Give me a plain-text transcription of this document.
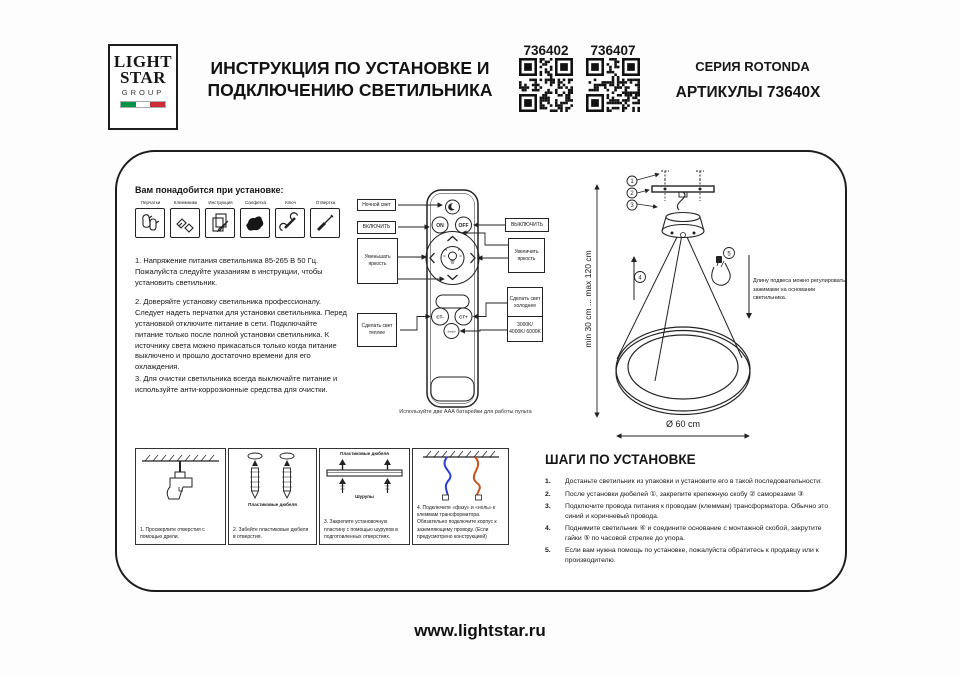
LIGHT
STAR
GROUP
ИНСТРУКЦИЯ ПО УСТАНОВКЕ И
ПОДКЛЮЧЕНИЮ СВЕТИЛЬНИКА
736402	736407
СЕРИЯ ROTONDA
АРТИКУЛЫ 73640X
Вам понадобится при установке:
Перчатки	Клеммники	Инструкция	Салфетка	Ключ	Отвертка
1. Напряжение питания светильника 85-265 В 50 Гц. Пожалуйста следуйте указаниям в инструкции, чтобы установить светильник.
2. Доверяйте установку светильника профессионалу. Следует надеть перчатки для установки светильника. Перед установкой отключите питание в сети. Подключайте питание только после полной установки светильника. К источнику света можно прикасаться только когда питание выключено и прошло достаточно времени для его охлаждения.
3. Для очистки светильника всегда выключайте питание и используйте анти-коррозионные средства для очистки.
ON	OFF
CT-	CT+
Switch
Ночной свет
ВКЛЮЧИТЬ	ВЫКЛЮЧИТЬ
Уменьшать яркость
Увеличить яркость
Сделать свет теплее
Сделать свет холоднее
3000K/ 4000K/ 6000K
Используйте две AAA батарейки для работы пульта
1
2
3
4
5
min 30 cm ... max 120 cm
Ø 60 cm
Длину подвеса можно регулировать зажимами на основании светильника.
1. Просверлите отверстия с помощью дрели.
Пластиковые дюбеля
2. Забейте пластиковые дюбеля в отверстия.
Пластиковые дюбеля
Шурупы
3. Закрепите установочную пластину с помощью шурупов в подготовленных отверстиях.
4. Подключите «фазу» и «ноль» к клеммам трансформатора. Обязательно подключите корпус к заземляющему проводу. (Если предусмотрено конструкцией)
ШАГИ ПО УСТАНОВКЕ
1.	Достаньте светильник из упаковки и установите его в такой последовательности:
2.	После установки дюбелей ①, закрепите крепежную скобу ② саморезами ③
3.	Подключите провода питания к проводам (клеммам) трансформатора. Обычно это синий и коричневый провода.
4.	Поднимите светильник ④ и соедините основание с монтажной скобой, закрутите гайки ⑤ по часовой стрелке до упора.
5.	Если вам нужна помощь по установке, пожалуйста обратитесь к продавцу или к производителю.
www.lightstar.ru
